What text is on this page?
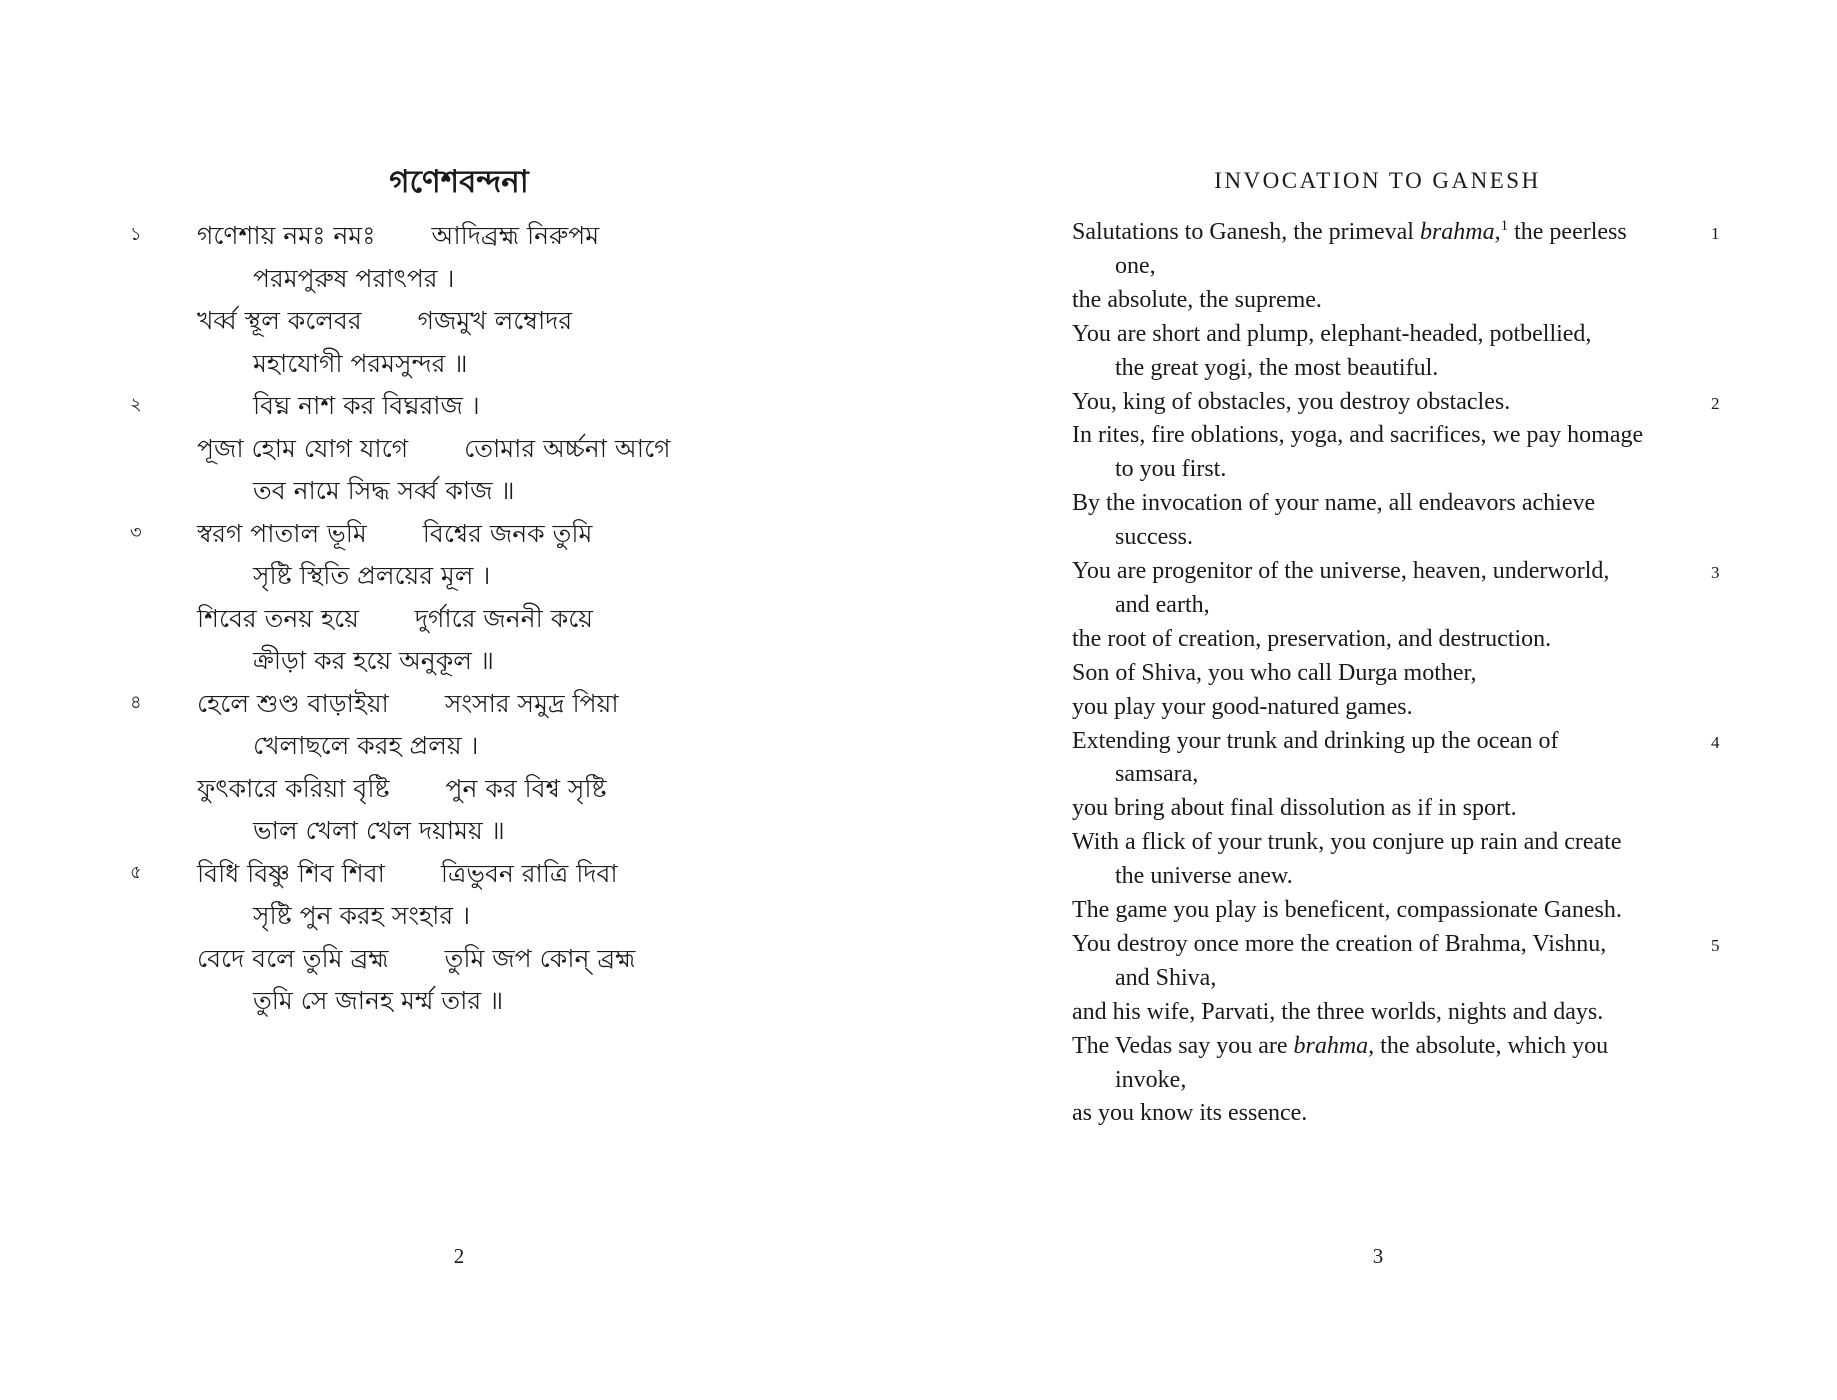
গণেশবন্দনা
১ গণেশায় নমঃ নমঃ আদিব্রহ্ম নিরুপম
পরমপুরুষ পরাৎপর ।
খর্ব্ব স্থূল কলেবর গজমুখ লম্বোদর
মহাযোগী পরমসুন্দর ॥
২	বিঘ্ন নাশ কর বিঘ্নরাজ ।
পূজা হোম যোগ যাগে তোমার অর্চ্চনা আগে
তব নামে সিদ্ধ সর্ব্ব কাজ ॥
৩ স্বরগ পাতাল ভূমি বিশ্বের জনক তুমি
সৃষ্টি স্থিতি প্রলয়ের মূল ।
শিবের তনয় হয়ে দুর্গারে জননী কয়ে
ক্রীড়া কর হয়ে অনুকূল ॥
৪ হেলে শুণ্ড বাড়াইয়া সংসার সমুদ্র পিয়া
খেলাছলে করহ প্রলয় ।
ফুৎকারে করিয়া বৃষ্টি পুন কর বিশ্ব সৃষ্টি
ভাল খেলা খেল দয়াময় ॥
৫ বিধি বিষ্ণু শিব শিবা ত্রিভুবন রাত্রি দিবা
সৃষ্টি পুন করহ সংহার ।
বেদে বলে তুমি ব্রহ্ম তুমি জপ কোন্ ব্রহ্ম
তুমি সে জানহ মর্ম্ম তার ॥
2
INVOCATION TO GANESH
1
Salutations to Ganesh, the primeval brahma,$^1$ the peerless
one,
the absolute, the supreme.
You are short and plump, elephant-headed, potbellied,
the great yogi, the most beautiful.
2
You, king of obstacles, you destroy obstacles.
In rites, fire oblations, yoga, and sacrifices, we pay homage
to you first.
By the invocation of your name, all endeavors achieve
success.
3
You are progenitor of the universe, heaven, underworld,
and earth,
the root of creation, preservation, and destruction.
Son of Shiva, you who call Durga mother,
you play your good-natured games.
4
Extending your trunk and drinking up the ocean of
samsara,
you bring about final dissolution as if in sport.
With a flick of your trunk, you conjure up rain and create
the universe anew.
The game you play is beneficent, compassionate Ganesh.
5
You destroy once more the creation of Brahma, Vishnu,
and Shiva,
and his wife, Parvati, the three worlds, nights and days.
The Vedas say you are brahma, the absolute, which you
invoke,
as you know its essence.
3
